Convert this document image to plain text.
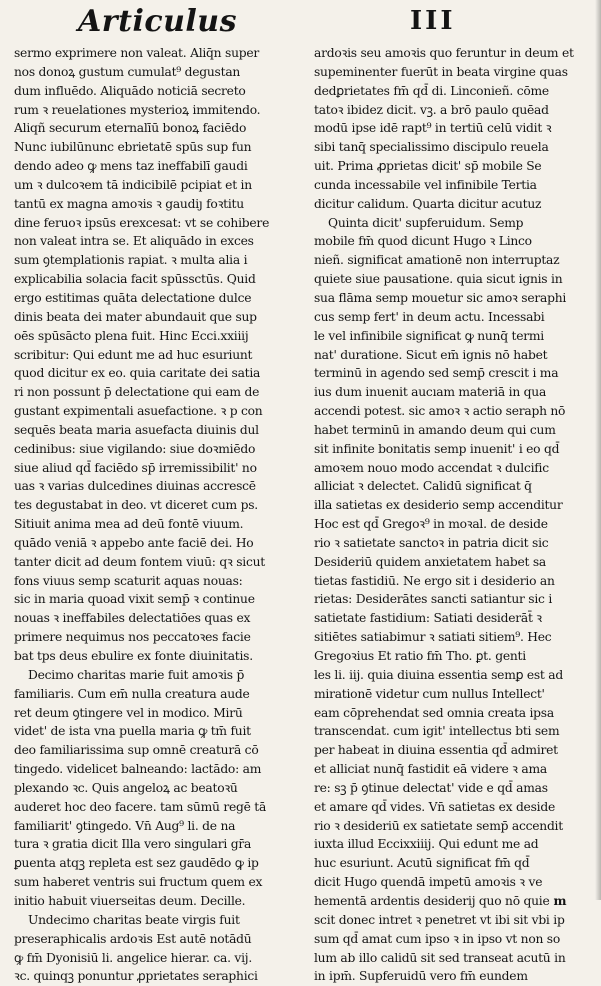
Articulus	III
sermo exprimere non valeat. Aliq̄n super
nos donoꝝ gustum cumulat⁹ degustan
dum influēdo. Aliquādo noticiā secreto
rum ꝛ reuelationes mysterioꝝ immitendo.
Aliqñ securum eternalīū bonoꝝ faciēdo
Nunc iubilūnunc ebrietatē spūs sup fun
dendo adeo ꝙ mens taz ineffabilī gaudi
um ꝛ dulcoꝛem tā indicibilē pcipiat et in
tantū ex magna amoꝛis ꝛ gaudiȷ foꝛtitu
dine feruoꝛ ipsūs erexcesat: vt se cohibere
non valeat intra se. Et aliquādo in exces
sum ꝯtemplationis rapiat. ꝛ multa alia i
explicabilia solacia facit spūssctūs. Quid
ergo estitimas quāta delectatione dulce
dinis beata dei mater abundauit que sup
oēs spūsācto plena fuit. Hinc Ecci.xxiiij
scribitur: Qui edunt me ad huc esuriunt
quod dicitur ex eo. quia caritate dei satia
ri non possunt p̄ delectatione qui eam de
gustant expimentali asuefactione. ꝛ p con
sequēs beata maria asuefacta diuinis dul
cedinibus: siue vigilando: siue doꝛmiēdo
siue aliud qd̄ faciēdo sp̄ irremissibilit' no
uas ꝛ varias dulcedines diuinas accrescē
tes degustabat in deo. vt diceret cum ps.
Sitiuit anima mea ad deū fontē viuum.
quādo veniā ꝛ appebo ante faciē dei. Ho
tanter dicit ad deum fontem viuū: qꝛ sicut
fons viuus semp scaturit aquas nouas:
sic in maria quoad vixit semp̄ ꝛ continue
nouas ꝛ ineffabiles delectatiōes quas ex
primere nequimus nos peccatoꝛes facie
bat tps deus ebulire ex fonte diuinitatis.
Decimo charitas marie fuit amoꝛis p̄
familiaris. Cum em̄ nulla creatura aude
ret deum ꝯtingere vel in modico. Mirū
videt' de ista vna puella maria ꝙ tm̄ fuit
deo familiarissima sup omnē creaturā cō
tingedo. videlicet balneando: lactādo: am
plexando ꝛc. Quis angeloꝝ ac beatoꝛū
auderet hoc deo facere. tam sūmū regē tā
familiarit' ꝯtingedo. Vn̄ Aug⁹ li. de na
tura ꝛ gratia dicit Illa vero singulari gr̄a
ꝑuenta atqꝫ repleta est sez gaudēdo ꝙ ip
sum haberet ventris sui fructum quem ex
initio habuit viuerseitas deum. Decille.
Undecimo charitas beate virgis fuit
preseraphicalis ardoꝛis Est autē notādū
ꝙ fm̄ Dyonisiū li. angelice hierar. ca. vij.
ꝛc. quinqꝫ ponuntur ꝓprietates seraphici
ardoꝛis seu amoꝛis quo feruntur in deum et
supeminenter fuerūt in beata virgine quas
dedꝑrietates fm̄ qd̄ di. Linconieñ. cōme
tatoꝛ ibidez dicit. vꝫ. a brō paulo quēad
modū ipse idē rapt⁹ in tertiū celū vidit ꝛ
sibi tanq̄ specialissimo discipulo reuela
uit. Prima ꝓprietas dicit' sp̄ mobile Se
cunda incessabile vel infinibile Tertia
dicitur calidum. Quarta dicitur acutuz
Quinta dicit' supferuidum. Semp
mobile fm̄ quod dicunt Hugo ꝛ Linco
nieñ. significat amationē non interruptaz
quiete siue pausatione. quia sicut ignis in
sua flāma semp mouetur sic amoꝛ seraphi
cus semp fert' in deum actu. Incessabi
le vel infinibile significat ꝙ nunq̄ termi
nat' duratione. Sicut em̄ ignis nō habet
terminū in agendo sed semp̄ crescit i ma
ius dum inuenit aucıam materiā in qua
accendi potest. sic amoꝛ ꝛ actio seraph nō
habet terminū in amando deum qui cum
sit infinite bonitatis semp inuenit' i eo qd̄
amoꝛem nouo modo accendat ꝛ dulcific
alliciat ꝛ delectet. Calidū significat q̄
illa satietas ex desiderio semp accenditur
Hoc est qd̄ Gregoꝛ⁹ in moꝛal. de deside
rio ꝛ satietate sanctoꝛ in patria dicit sic
Desideriū quidem anxietatem habet sa
tietas fastidiū. Ne ergo sit i desiderio an
rietas: Desiderātes sancti satiantur sic i
satietate fastidium: Satiati desiderāt̄ ꝛ
sitiētes satiabimur ꝛ satiati sitiem⁹. Hec
Gregoꝛius Et ratio fm̄ Tho. ꝑt. genti
les li. iij. quia diuina essentia semꝑ est ad
mirationē videtur cum nullus Intellect'
eam cōprehendat sed omnia creata ipsa
transcendat. cum igit' intellectus bti sem
per habeat in diuina essentia qd̄ admiret
et alliciat nunq̄ fastidit eā videre ꝛ ama
re: sꝫ p̄ ꝯtinue delectat' vide e qd̄ amas
et amare qd̄ vides. Vn̄ satietas ex deside
rio ꝛ desideriū ex satietate semp̄ accendit
iuxta illud Eccixxiiij. Qui edunt me ad
huc esuriunt. Acutū significat fm̄ qd̄
dicit Hugo quendā impetū amoꝛis ꝛ ve
hementā ardentis desiderij quo nō quie m
scit donec intret ꝛ penetret vt ibi sit vbi ip
sum qd̄ amat cum ipso ꝛ in ipso vt non so
lum ab illo calidū sit sed transeat acutū in
in ipm̄. Supferuidū vero fm̄ eundem
